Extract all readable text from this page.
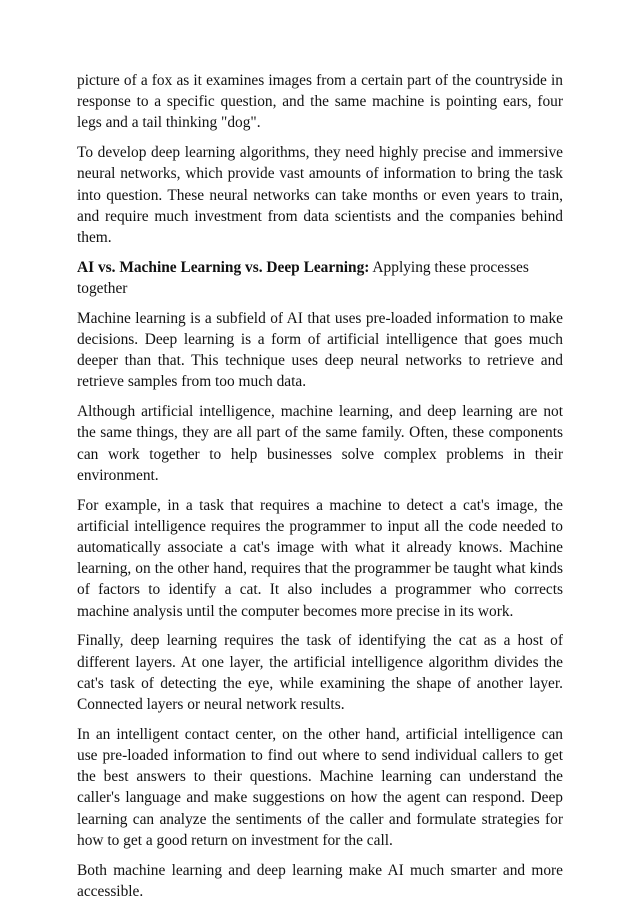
picture of a fox as it examines images from a certain part of the countryside in response to a specific question, and the same machine is pointing ears, four legs and a tail thinking "dog".

To develop deep learning algorithms, they need highly precise and immersive neural networks, which provide vast amounts of information to bring the task into question. These neural networks can take months or even years to train, and require much investment from data scientists and the companies behind them.

AI vs. Machine Learning vs. Deep Learning: Applying these processes together

Machine learning is a subfield of AI that uses pre-loaded information to make decisions. Deep learning is a form of artificial intelligence that goes much deeper than that. This technique uses deep neural networks to retrieve and retrieve samples from too much data.

Although artificial intelligence, machine learning, and deep learning are not the same things, they are all part of the same family. Often, these components can work together to help businesses solve complex problems in their environment.

For example, in a task that requires a machine to detect a cat's image, the artificial intelligence requires the programmer to input all the code needed to automatically associate a cat's image with what it already knows. Machine learning, on the other hand, requires that the programmer be taught what kinds of factors to identify a cat. It also includes a programmer who corrects machine analysis until the computer becomes more precise in its work.

Finally, deep learning requires the task of identifying the cat as a host of different layers. At one layer, the artificial intelligence algorithm divides the cat's task of detecting the eye, while examining the shape of another layer. Connected layers or neural network results.

In an intelligent contact center, on the other hand, artificial intelligence can use pre-loaded information to find out where to send individual callers to get the best answers to their questions. Machine learning can understand the caller's language and make suggestions on how the agent can respond. Deep learning can analyze the sentiments of the caller and formulate strategies for how to get a good return on investment for the call.

Both machine learning and deep learning make AI much smarter and more accessible.
